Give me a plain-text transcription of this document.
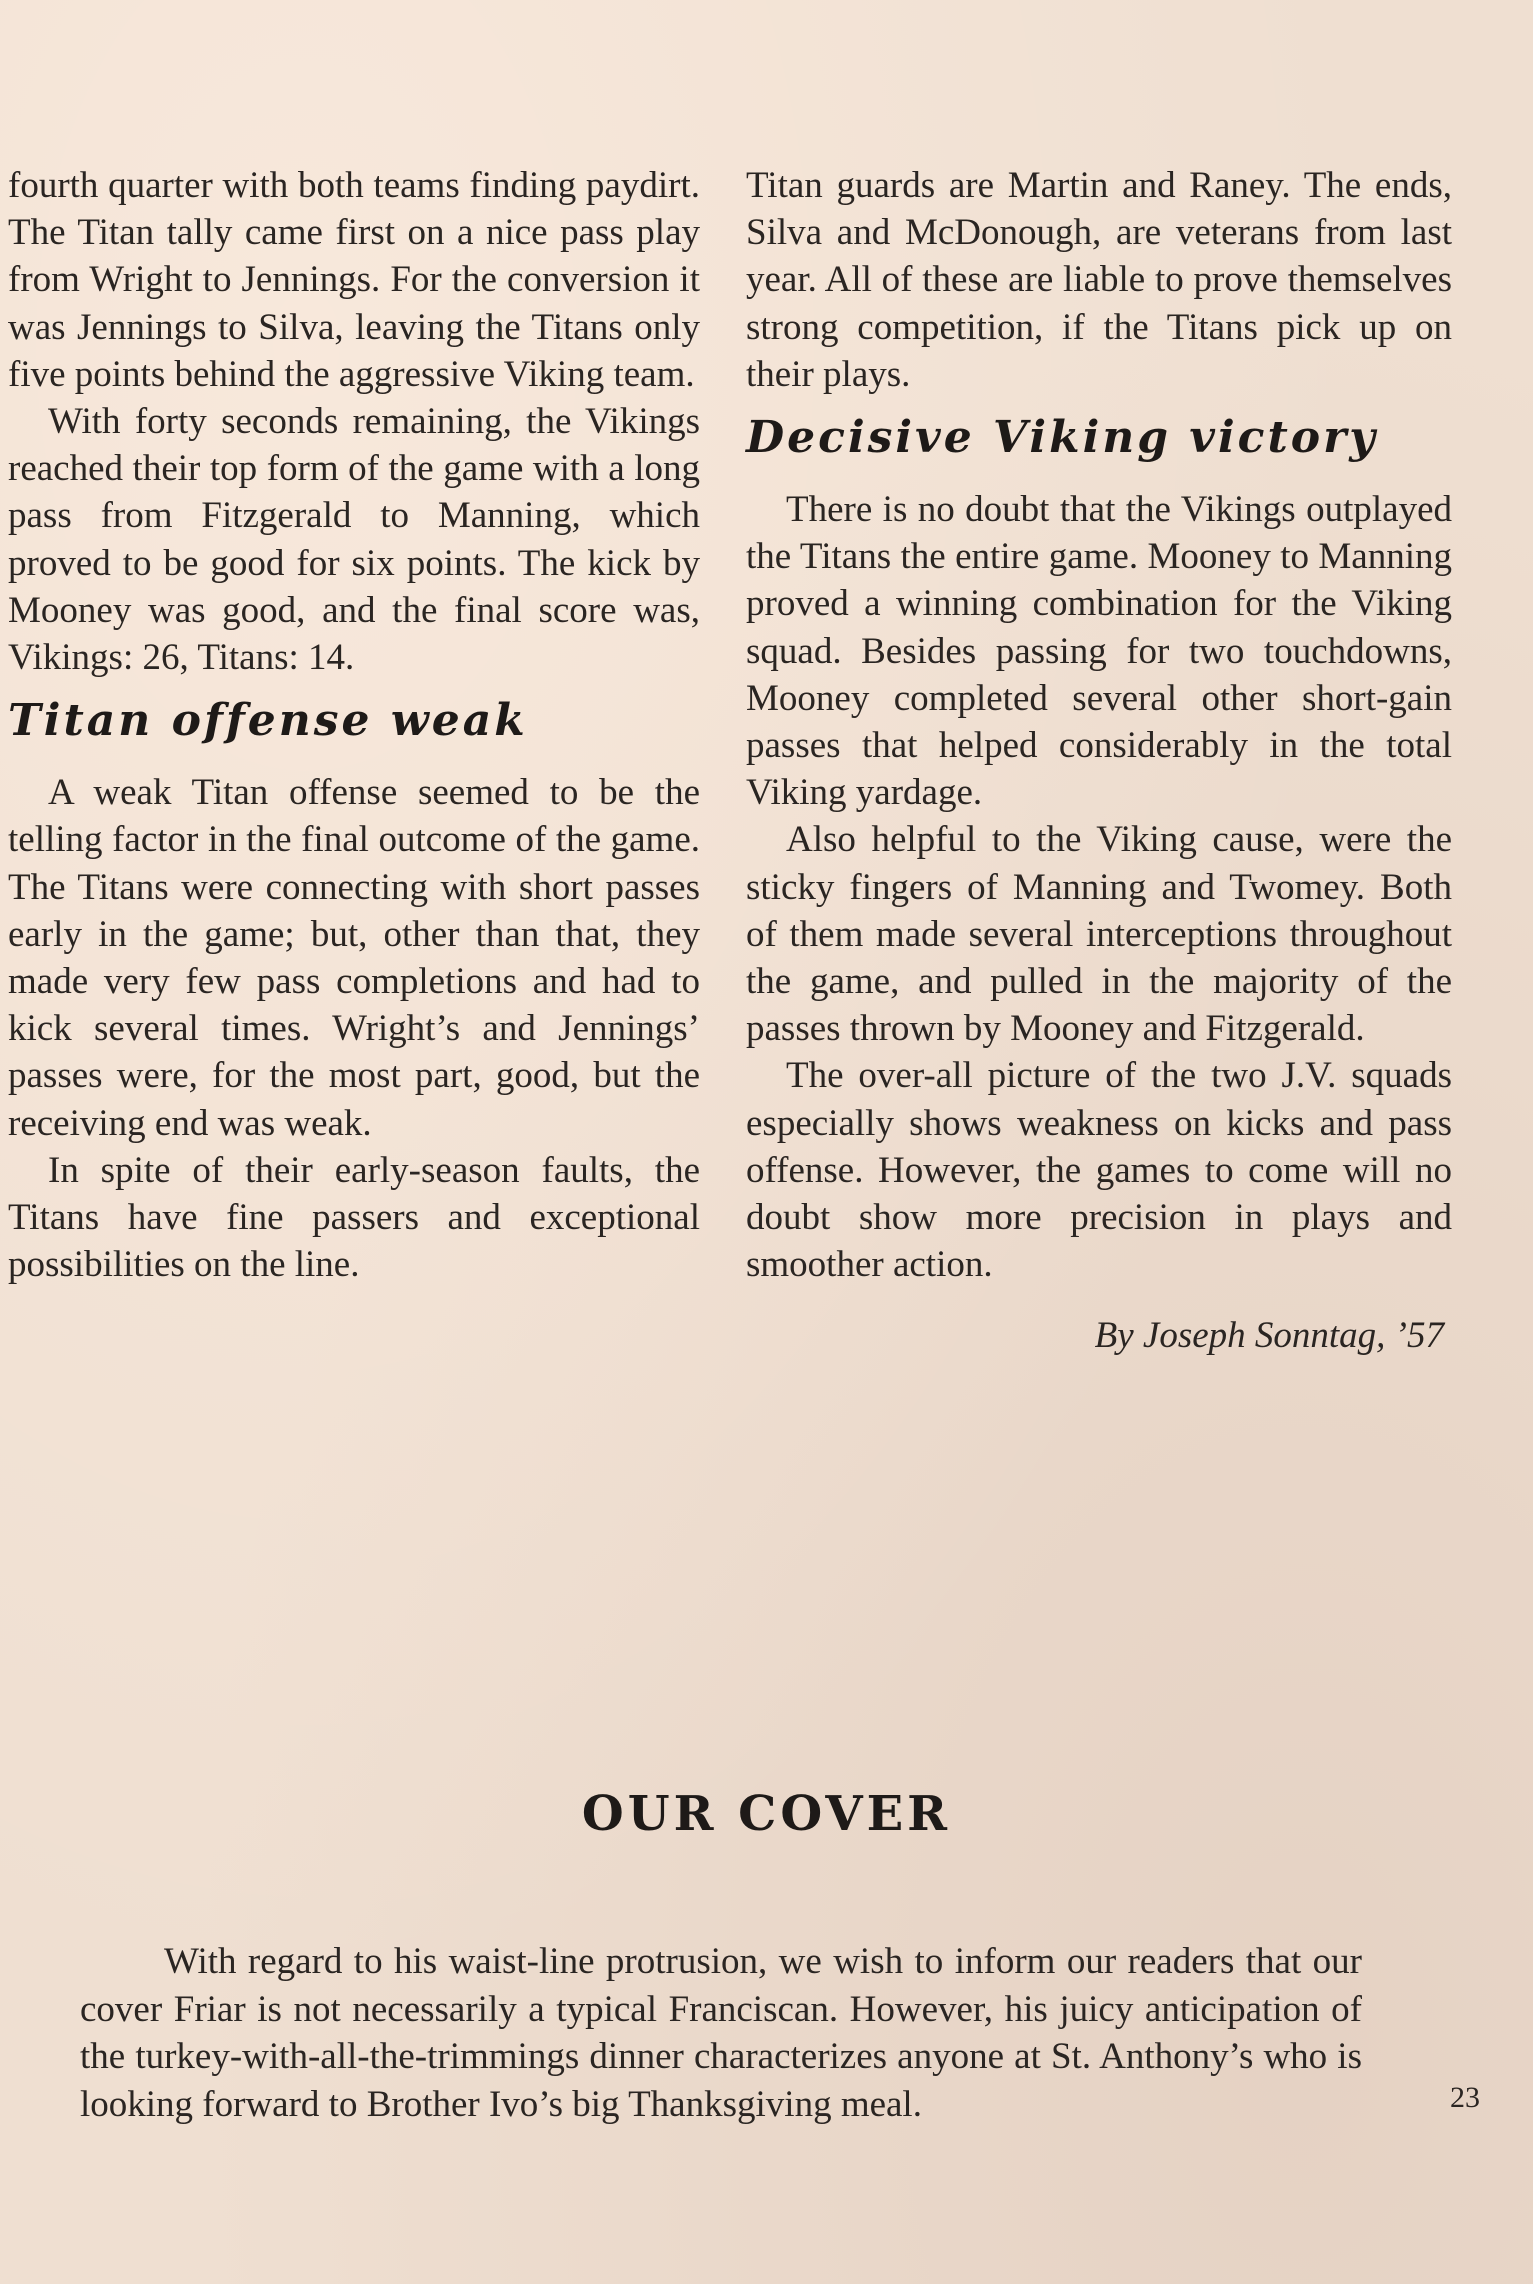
fourth quarter with both teams finding paydirt. The Titan tally came first on a nice pass play from Wright to Jennings. For the conversion it was Jennings to Silva, leaving the Titans only five points behind the aggressive Viking team.

With forty seconds remaining, the Vikings reached their top form of the game with a long pass from Fitzgerald to Manning, which proved to be good for six points. The kick by Mooney was good, and the final score was, Vikings: 26, Titans: 14.

Titan offense weak

A weak Titan offense seemed to be the telling factor in the final outcome of the game. The Titans were connecting with short passes early in the game; but, other than that, they made very few pass completions and had to kick several times. Wright’s and Jennings’ passes were, for the most part, good, but the receiving end was weak.

In spite of their early-season faults, the Titans have fine passers and exceptional possibilities on the line.

Titan guards are Martin and Raney. The ends, Silva and McDonough, are veterans from last year. All of these are liable to prove themselves strong competition, if the Titans pick up on their plays.

Decisive Viking victory

There is no doubt that the Vikings outplayed the Titans the entire game. Mooney to Manning proved a winning combination for the Viking squad. Besides passing for two touchdowns, Mooney completed several other short-gain passes that helped considerably in the total Viking yardage.

Also helpful to the Viking cause, were the sticky fingers of Manning and Twomey. Both of them made several interceptions throughout the game, and pulled in the majority of the passes thrown by Mooney and Fitzgerald.

The over-all picture of the two J.V. squads especially shows weakness on kicks and pass offense. However, the games to come will no doubt show more precision in plays and smoother action.

By Joseph Sonntag, ’57
OUR COVER

With regard to his waist-line protrusion, we wish to inform our readers that our cover Friar is not necessarily a typical Franciscan. However, his juicy anticipation of the turkey-with-all-the-trimmings dinner characterizes anyone at St. Anthony’s who is looking forward to Brother Ivo’s big Thanksgiving meal.	23
